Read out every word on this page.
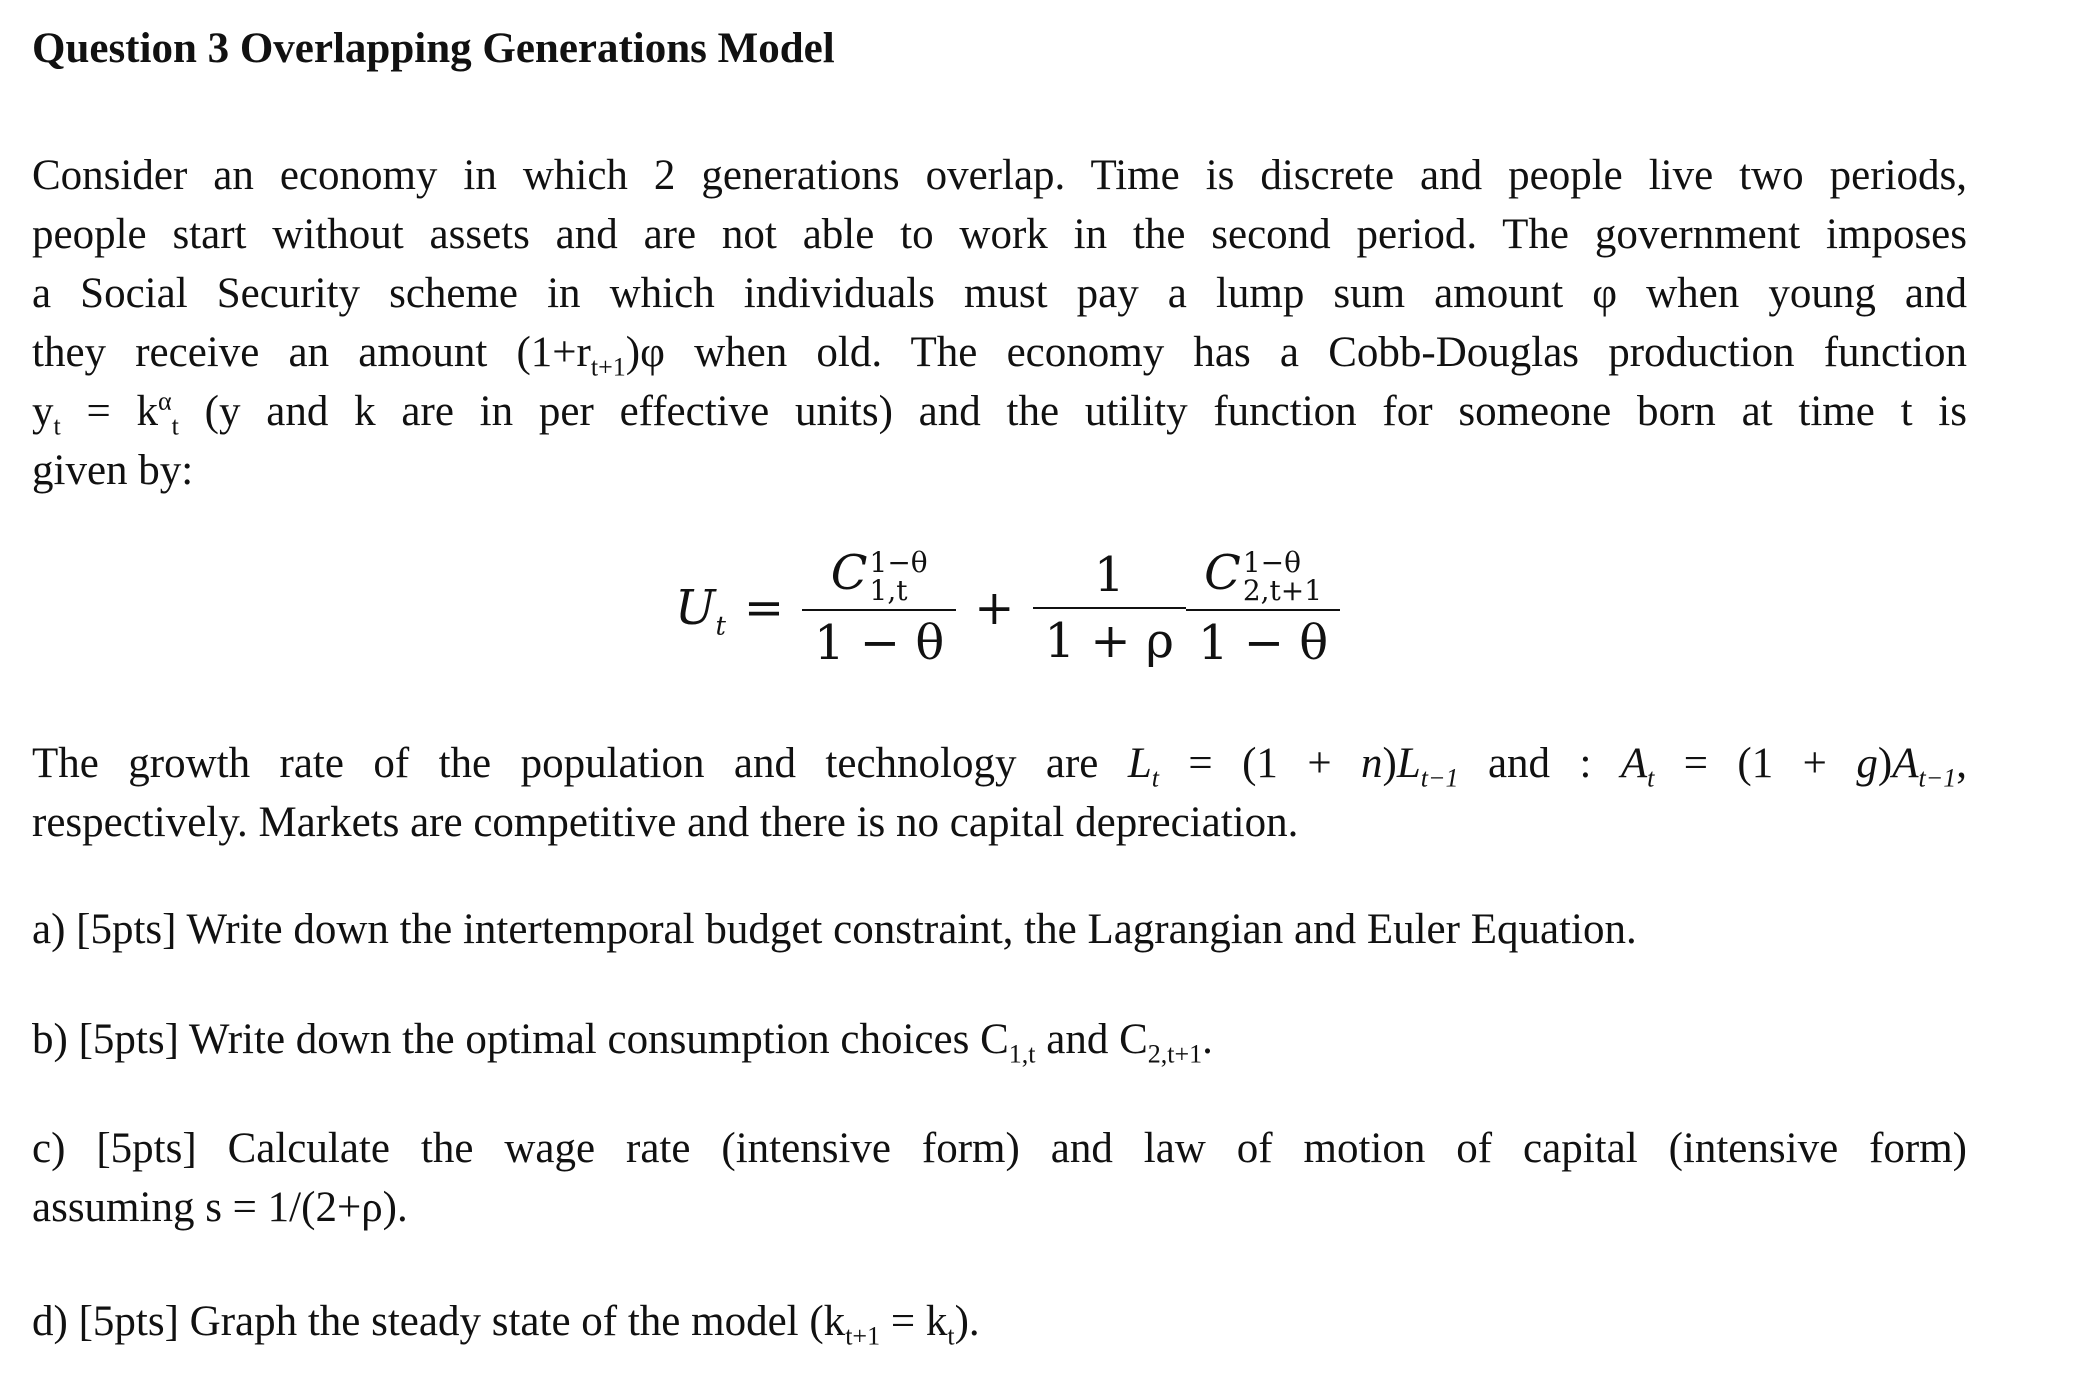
Question 3 Overlapping Generations Model
Consider an economy in which 2 generations overlap. Time is discrete and people live two periods,
people start without assets and are not able to work in the second period. The government imposes
a Social Security scheme in which individuals must pay a lump sum amount φ when young and
they receive an amount $(1+r_{t+1})\varphi$ when old. The economy has a Cobb-Douglas production function
$y_t = k^\alpha_t$ (y and k are in per effective units) and the utility function for someone born at time t is
given by:
$U_t = C$ 1−θ
1,t
$1 - \theta + \frac{1}{1 + \rho}$ C 1−θ
2,t+1
1 − θ
The growth rate of the population and technology are $L_t = (1 + n)L_{t-1}$ and : $A_t = (1 + g)A_{t-1}$,
respectively. Markets are competitive and there is no capital depreciation.
a) [5pts] Write down the intertemporal budget constraint, the Lagrangian and Euler Equation.
b) [5pts] Write down the optimal consumption choices $C_{1,t}$ and $C_{2,t+1}$.
c) [5pts] Calculate the wage rate (intensive form) and law of motion of capital (intensive form)
assuming s = 1/(2+ρ).
d) [5pts] Graph the steady state of the model $(k_{t+1} = k_t)$.
